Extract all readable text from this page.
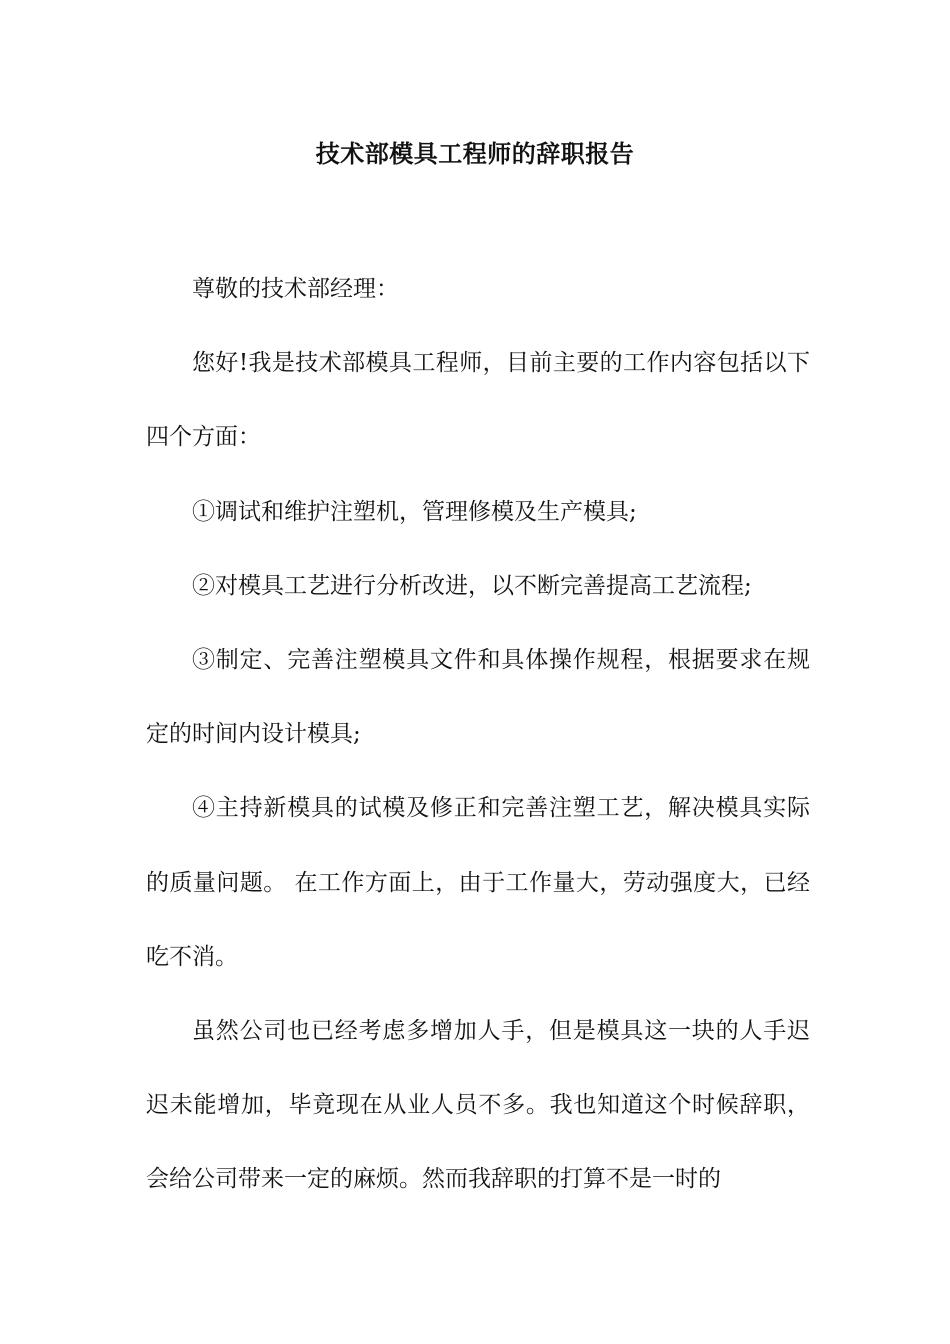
技术部模具工程师的辞职报告

尊敬的技术部经理：

您好!我是技术部模具工程师，目前主要的工作内容包括以下四个方面：

①调试和维护注塑机，管理修模及生产模具;

②对模具工艺进行分析改进，以不断完善提高工艺流程;

③制定、完善注塑模具文件和具体操作规程，根据要求在规定的时间内设计模具;

④主持新模具的试模及修正和完善注塑工艺，解决模具实际的质量问题。 在工作方面上，由于工作量大，劳动强度大，已经吃不消。

虽然公司也已经考虑多增加人手，但是模具这一块的人手迟迟未能增加，毕竟现在从业人员不多。我也知道这个时候辞职，会给公司带来一定的麻烦。然而我辞职的打算不是一时的
